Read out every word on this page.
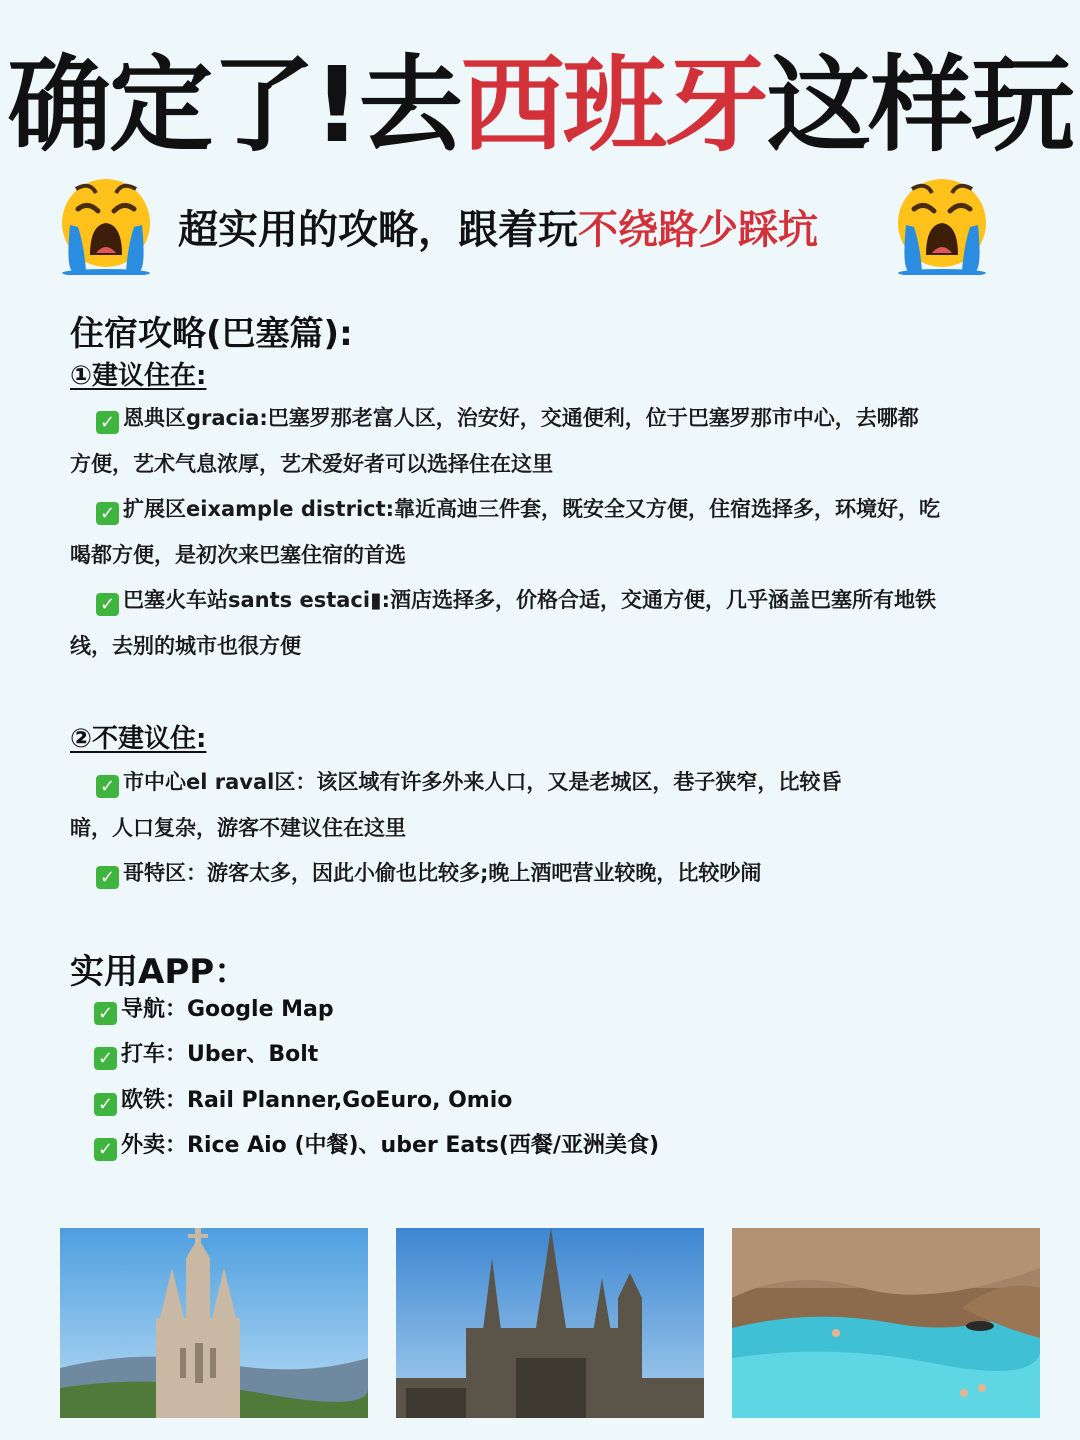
确定了!去西班牙这样玩
超实用的攻略，跟着玩不绕路少踩坑
住宿攻略(巴塞篇):
①建议住在:
✓ 恩典区gracia:巴塞罗那老富人区，治安好，交通便利，位于巴塞罗那市中心，去哪都
方便，艺术气息浓厚，艺术爱好者可以选择住在这里
✓ 扩展区eixample district:靠近高迪三件套，既安全又方便，住宿选择多，环境好，吃
喝都方便，是初次来巴塞住宿的首选
✓ 巴塞火车站sants estaci▮:酒店选择多，价格合适，交通方便，几乎涵盖巴塞所有地铁
线，去别的城市也很方便
②不建议住:
✓ 市中心el raval区：该区域有许多外来人口，又是老城区，巷子狭窄，比较昏
暗，人口复杂，游客不建议住在这里
✓ 哥特区：游客太多，因此小偷也比较多;晚上酒吧营业较晚，比较吵闹
实用APP：
✓ 导航：Google Map
✓ 打车：Uber、Bolt
✓ 欧铁：Rail Planner,GoEuro, Omio
✓ 外卖：Rice Aio (中餐)、uber Eats(西餐/亚洲美食)
